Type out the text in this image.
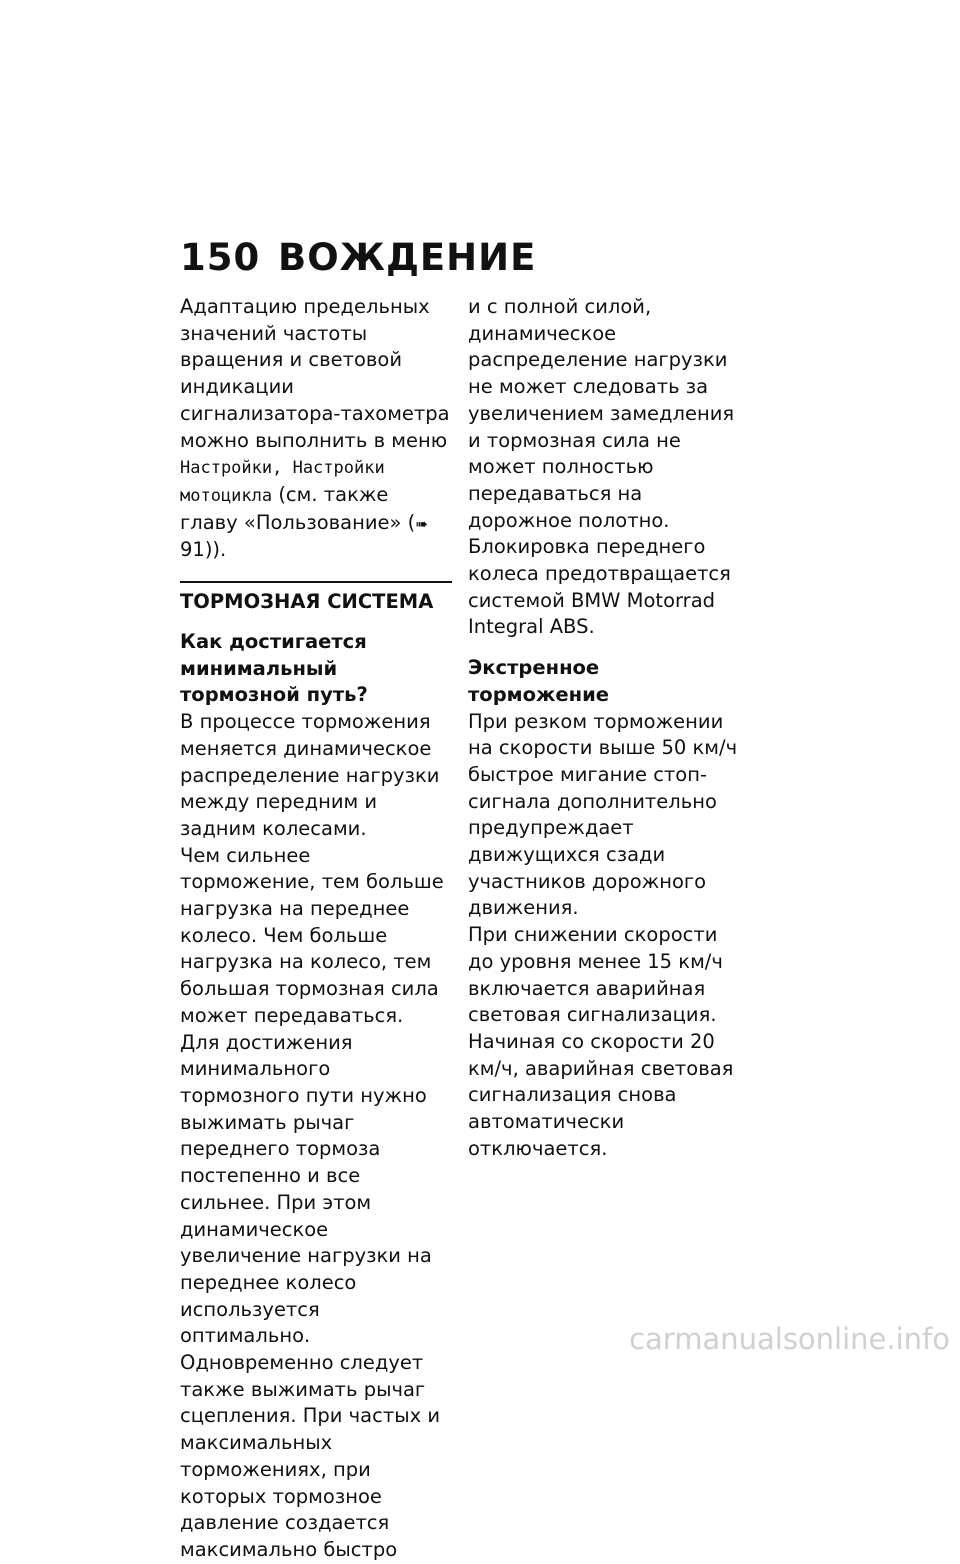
150 ВОЖДЕНИЕ

Адаптацию предельных значений частоты вращения и световой индикации сигнализатора-тахометра можно выполнить в меню Настройки, Настройки мотоцикла (см. также главу «Пользование» (➠ 91)).

ТОРМОЗНАЯ СИСТЕМА
Как достигается минимальный тормозной путь?

В процессе торможения меняется динамическое распределение нагрузки между передним и задним колесами.

Чем сильнее торможение, тем больше нагрузка на переднее колесо. Чем больше нагрузка на колесо, тем большая тормозная сила может передаваться.

Для достижения минимального тормозного пути нужно выжимать рычаг переднего тормоза постепенно и все сильнее. При этом динамическое увеличение нагрузки на переднее колесо используется оптимально. Одновременно следует также выжимать рычаг сцепления. При частых и максимальных торможениях, при которых тормозное давление создается максимально быстро

и с полной силой, динамическое распределение нагрузки не может следовать за увеличением замедления и тормозная сила не может полностью передаваться на дорожное полотно.

Блокировка переднего колеса предотвращается системой BMW Motorrad Integral ABS.

Экстренное торможение

При резком торможении на скорости выше 50 км/ч быстрое мигание стоп-сигнала дополнительно предупреждает движущихся сзади участников дорожного движения.

При снижении скорости до уровня менее 15 км/ч включается аварийная световая сигнализация. Начиная со скорости 20 км/ч, аварийная световая сигнализация снова автоматически отключается.

carmanualsonline.info
